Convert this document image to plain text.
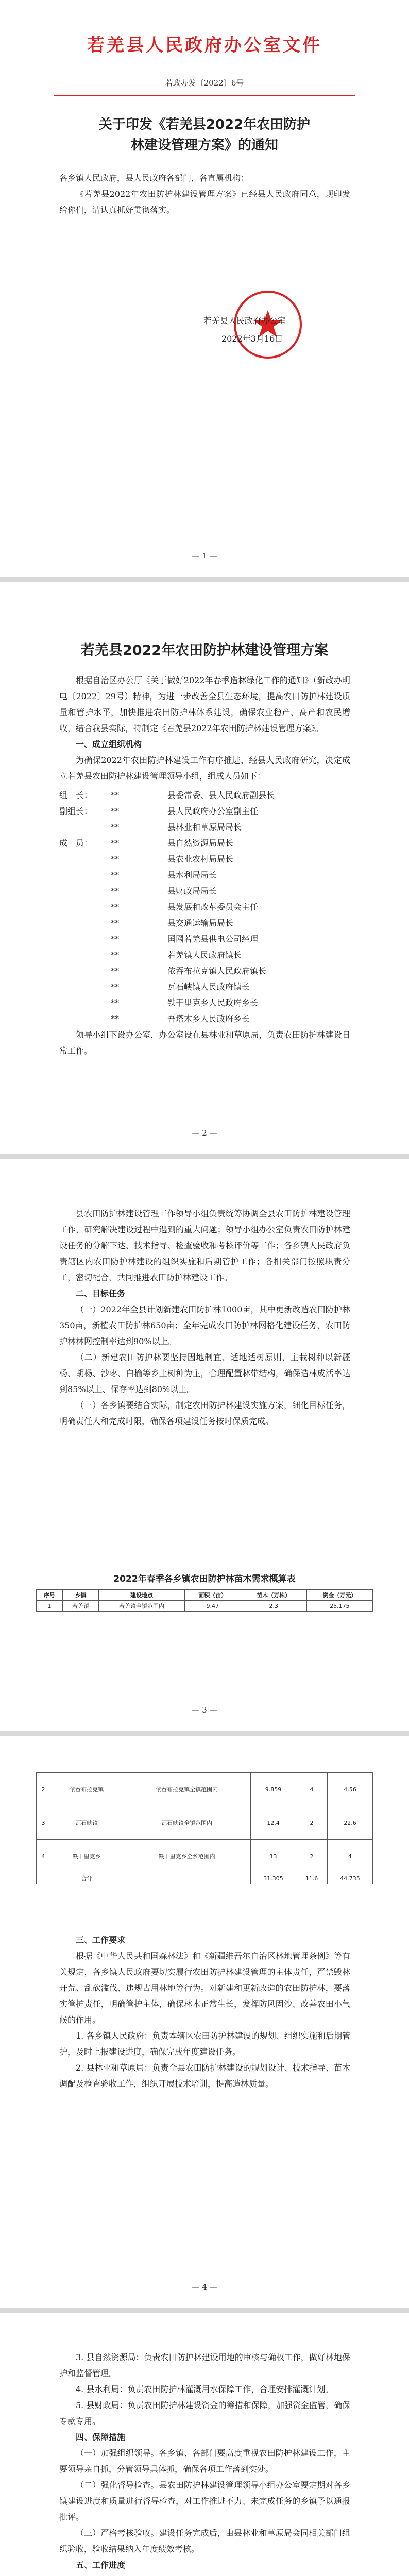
若羌县人民政府办公室文件
若政办发〔2022〕6号
关于印发《若羌县2022年农田防护林建设管理方案》的通知
各乡镇人民政府，县人民政府各部门，各直属机构：
《若羌县2022年农田防护林建设管理方案》已经县人民政府同意，现印发给你们，请认真抓好贯彻落实。
若羌县人民政府办公室
2022年3月16日
— 1 —
若羌县2022年农田防护林建设管理方案
根据自治区办公厅《关于做好2022年春季造林绿化工作的通知》（新政办明电〔2022〕29号）精神，为进一步改善全县生态环境，提高农田防护林建设质量和管护水平，加快推进农田防护林体系建设，确保农业稳产、高产和农民增收，结合我县实际，特制定《若羌县2022年农田防护林建设管理方案》。
一、成立组织机构
为确保2022年农田防护林建设工作有序推进，经县人民政府研究，决定成立若羌县农田防护林建设管理领导小组，组成人员如下：
组　长：	**	县委常委、县人民政府副县长
副组长：	**	县人民政府办公室副主任
**	县林业和草原局局长
成　员：	**	县自然资源局局长
**	县农业农村局局长
**	县水利局局长
**	县财政局局长
**	县发展和改革委员会主任
**	县交通运输局局长
**	国网若羌县供电公司经理
**	若羌镇人民政府镇长
**	依吞布拉克镇人民政府镇长
**	瓦石峡镇人民政府镇长
**	铁干里克乡人民政府乡长
**	吾塔木乡人民政府乡长
领导小组下设办公室，办公室设在县林业和草原局，负责农田防护林建设日常工作。
— 2 —
县农田防护林建设管理工作领导小组负责统筹协调全县农田防护林建设管理工作，研究解决建设过程中遇到的重大问题；领导小组办公室负责农田防护林建设任务的分解下达、技术指导、检查验收和考核评价等工作；各乡镇人民政府负责辖区内农田防护林建设的组织实施和后期管护工作；各相关部门按照职责分工，密切配合，共同推进农田防护林建设工作。
二、目标任务
（一）2022年全县计划新建农田防护林1000亩，其中更新改造农田防护林350亩，新植农田防护林650亩；全年完成农田防护林网格化建设任务，农田防护林林网控制率达到90%以上。
（二）新建农田防护林要坚持因地制宜、适地适树原则，主栽树种以新疆杨、胡杨、沙枣、白榆等乡土树种为主，合理配置林带结构，确保造林成活率达到85%以上、保存率达到80%以上。
（三）各乡镇要结合实际，制定农田防护林建设实施方案，细化目标任务，明确责任人和完成时限，确保各项建设任务按时保质完成。
2022年春季各乡镇农田防护林苗木需求概算表
序号	乡镇	建设地点	面积（亩）	苗木（万株）	资金（万元）
1	若羌镇	若羌镇全镇范围内	9.47	2.3	25.175
— 3 —
2	依吞布拉克镇	依吞布拉克镇全镇范围内	9.859	4	4.56
3	瓦石峡镇	瓦石峡镇全镇范围内	12.4	2	22.6
4	铁干里克乡	铁干里克乡全乡范围内	13	2	4
	合计		31.305	11.6	44.735
三、工作要求
根据《中华人民共和国森林法》和《新疆维吾尔自治区林地管理条例》等有关规定，各乡镇人民政府要切实履行农田防护林建设管理的主体责任，严禁毁林开荒、乱砍滥伐、违规占用林地等行为。对新建和更新改造的农田防护林，要落实管护责任，明确管护主体，确保林木正常生长，发挥防风固沙、改善农田小气候的作用。
1. 各乡镇人民政府：负责本辖区农田防护林建设的规划、组织实施和后期管护，及时上报建设进度，确保完成年度建设任务。
2. 县林业和草原局：负责全县农田防护林建设的规划设计、技术指导、苗木调配及检查验收工作，组织开展技术培训，提高造林质量。
— 4 —
3. 县自然资源局：负责农田防护林建设用地的审核与确权工作，做好林地保护和监督管理。
4. 县水利局：负责农田防护林灌溉用水保障工作，合理安排灌溉计划。
5. 县财政局：负责农田防护林建设资金的筹措和保障，加强资金监管，确保专款专用。
四、保障措施
（一）加强组织领导。各乡镇、各部门要高度重视农田防护林建设工作，主要领导亲自抓，分管领导具体抓，确保各项工作落到实处。
（二）强化督导检查。县农田防护林建设管理领导小组办公室要定期对各乡镇建设进度和质量进行督导检查，对工作推进不力、未完成任务的乡镇予以通报批评。
（三）严格考核验收。建设任务完成后，由县林业和草原局会同相关部门组织验收，验收结果纳入年度绩效考核。
五、工作进度
